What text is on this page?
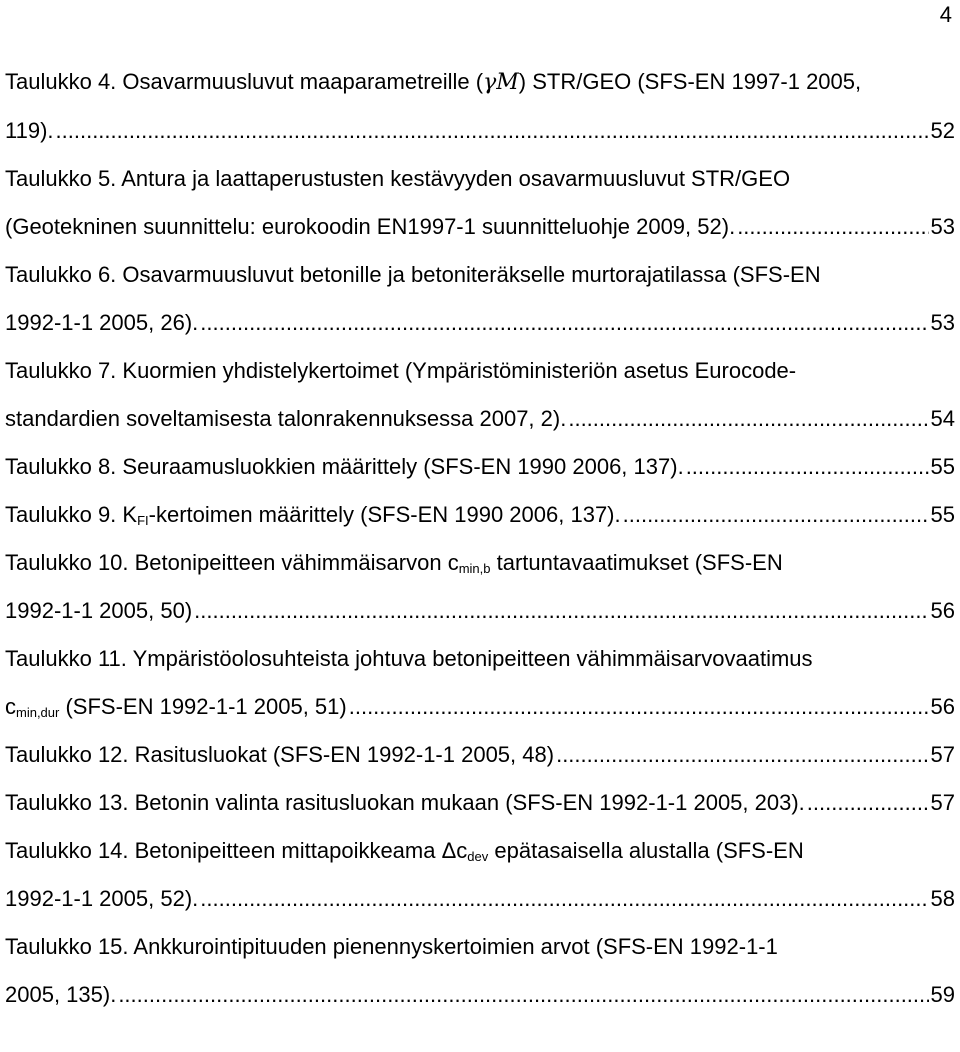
4
Taulukko 4. Osavarmuusluvut maaparametreille (γM) STR/GEO (SFS-EN 1997-1 2005,
119). .....	52
Taulukko 5. Antura ja laattaperustusten kestävyyden osavarmuusluvut STR/GEO
(Geotekninen suunnittelu: eurokoodin EN1997-1 suunnitteluohje 2009, 52). .....	53
Taulukko 6. Osavarmuusluvut betonille ja betoniteräkselle murtorajatilassa (SFS-EN
1992-1-1 2005, 26). .....	53
Taulukko 7. Kuormien yhdistelykertoimet (Ympäristöministeriön asetus Eurocode-
standardien soveltamisesta talonrakennuksessa 2007, 2). .....	54
Taulukko 8. Seuraamusluokkien määrittely (SFS-EN 1990 2006, 137). .....	55
Taulukko 9. $K_{FI}$-kertoimen määrittely (SFS-EN 1990 2006, 137). .....	55
Taulukko 10. Betonipeitteen vähimmäisarvon $c_{min,b}$ tartuntavaatimukset (SFS-EN
1992-1-1 2005, 50) .....	56
Taulukko 11. Ympäristöolosuhteista johtuva betonipeitteen vähimmäisarvovaatimus
$c_{min,dur}$ (SFS-EN 1992-1-1 2005, 51) .....	56
Taulukko 12. Rasitusluokat (SFS-EN 1992-1-1 2005, 48) .....	57
Taulukko 13. Betonin valinta rasitusluokan mukaan (SFS-EN 1992-1-1 2005, 203). .....	57
Taulukko 14. Betonipeitteen mittapoikkeama $\Delta c_{dev}$ epätasaisella alustalla (SFS-EN
1992-1-1 2005, 52). .....	58
Taulukko 15. Ankkurointipituuden pienennyskertoimien arvot (SFS-EN 1992-1-1
2005, 135). .....	59
